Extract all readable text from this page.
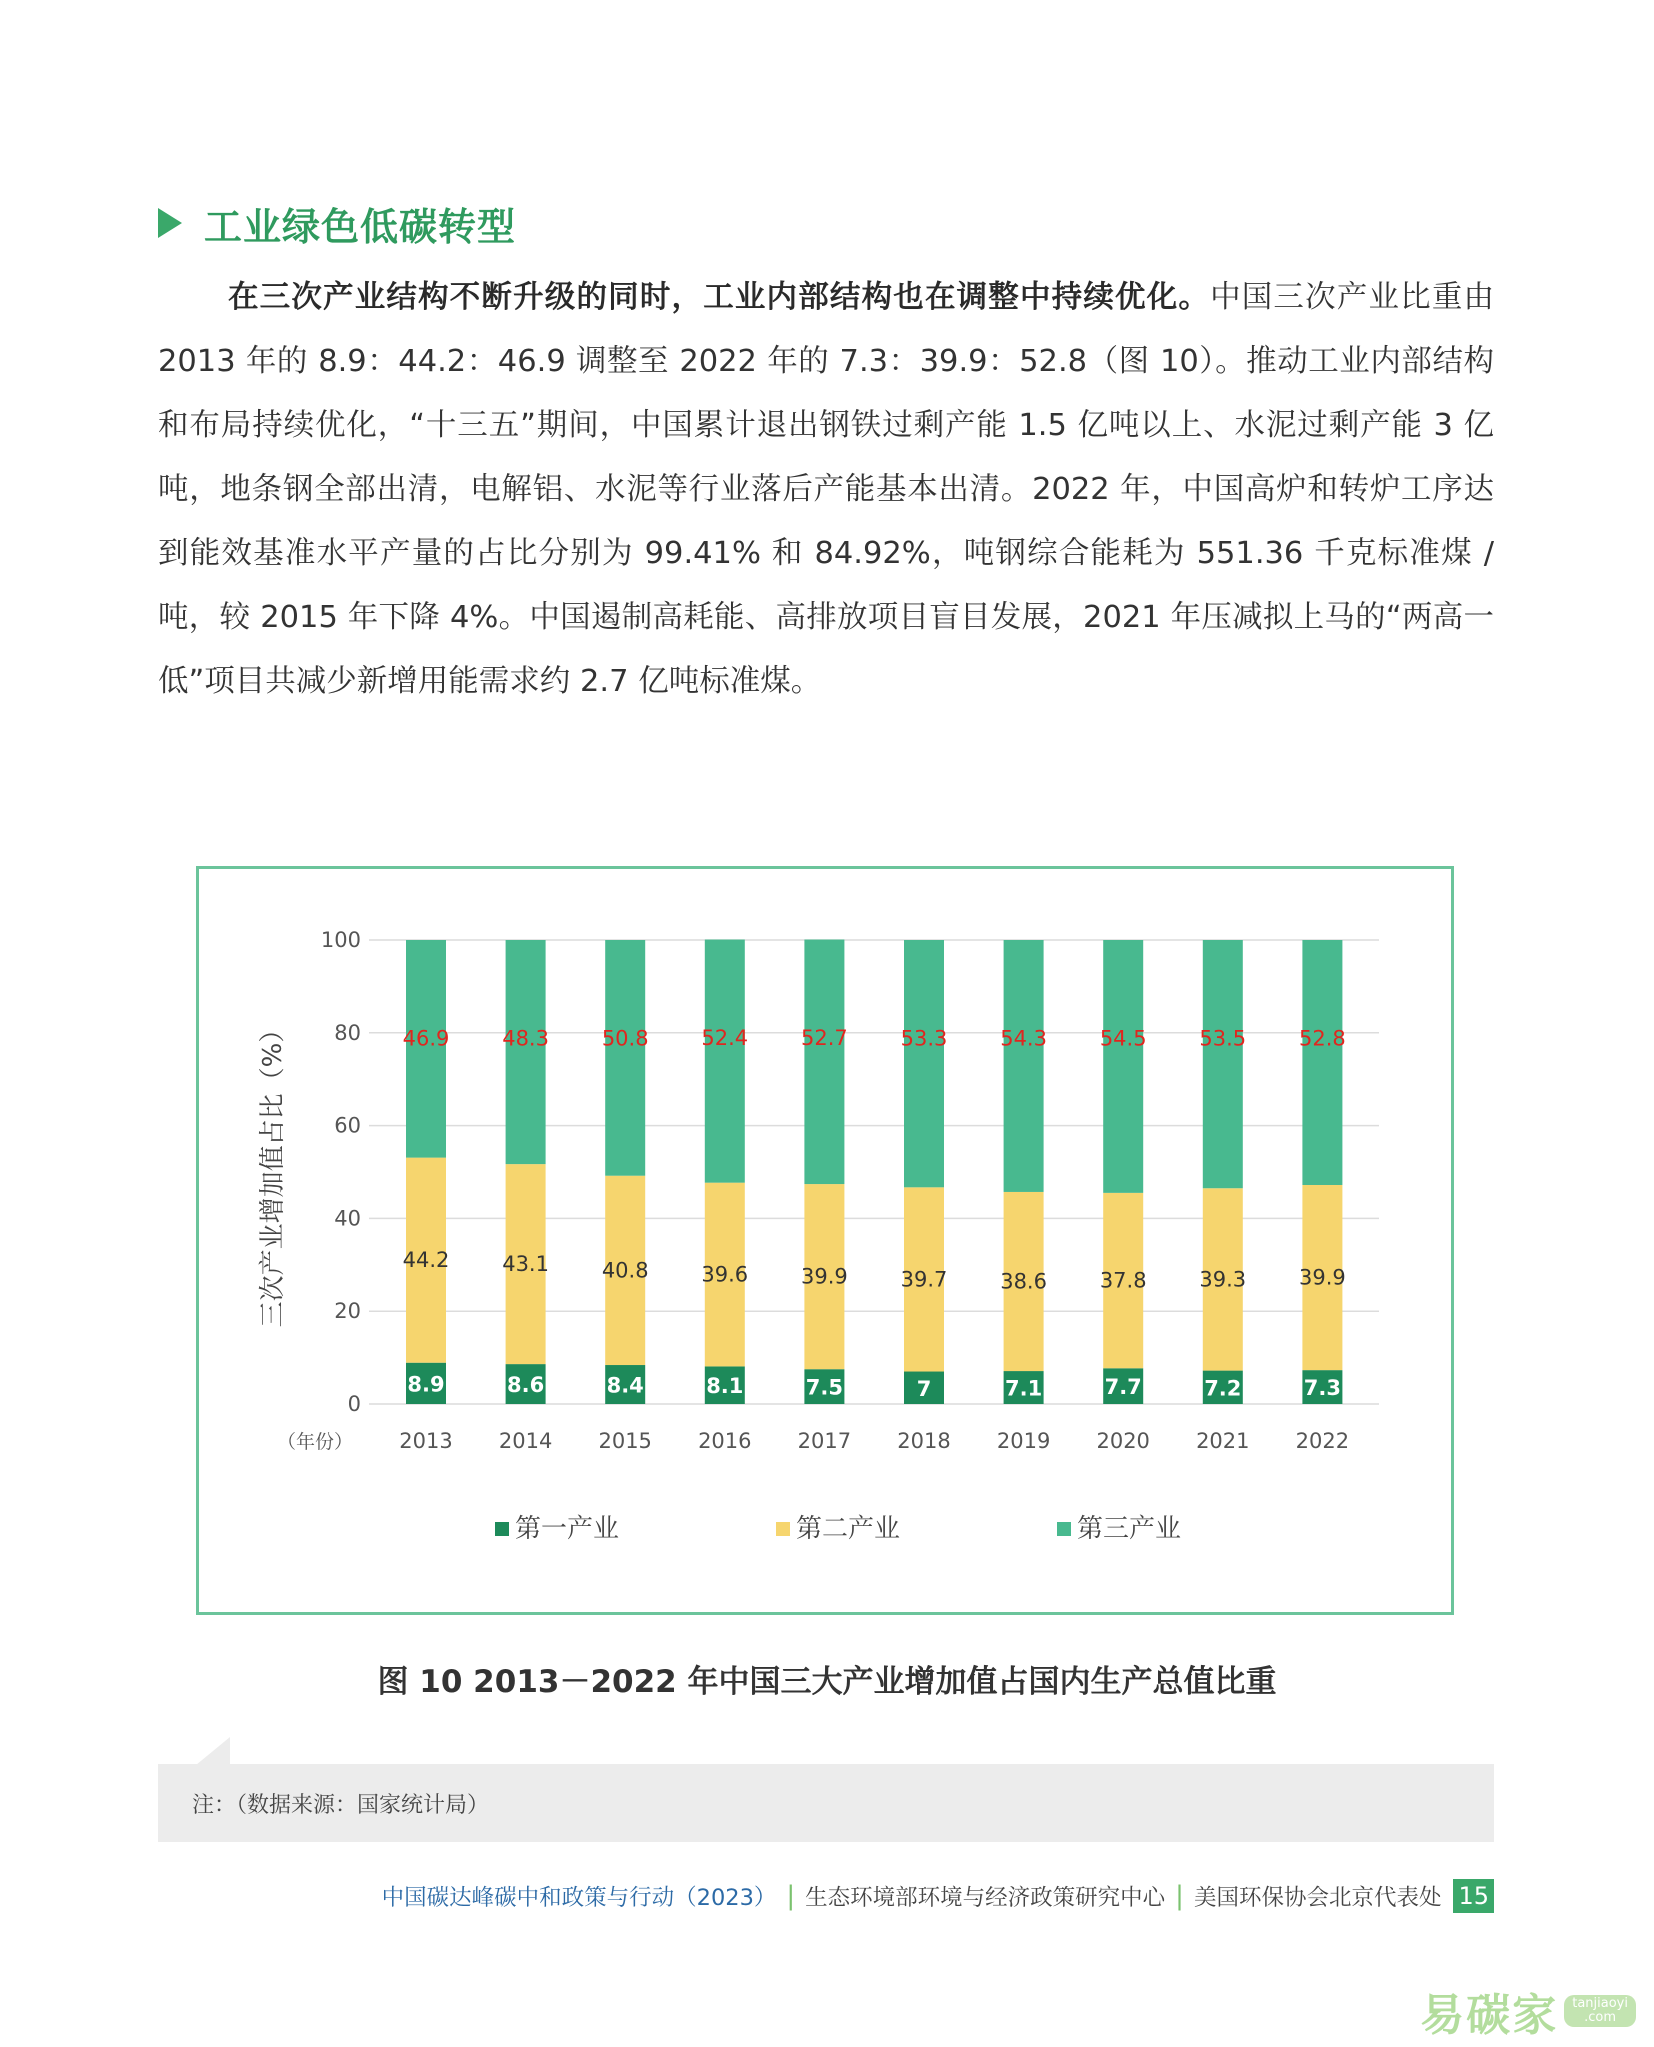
工业绿色低碳转型

在三次产业结构不断升级的同时，工业内部结构也在调整中持续优化。中国三次产业比重由 2013 年的 8.9：44.2：46.9 调整至 2022 年的 7.3：39.9：52.8（图 10）。推动工业内部结构和布局持续优化，“十三五”期间，中国累计退出钢铁过剩产能 1.5 亿吨以上、水泥过剩产能 3 亿吨，地条钢全部出清，电解铝、水泥等行业落后产能基本出清。2022 年，中国高炉和转炉工序达到能效基准水平产量的占比分别为 99.41% 和 84.92%，吨钢综合能耗为 551.36 千克标准煤 / 吨，较 2015 年下降 4%。中国遏制高耗能、高排放项目盲目发展，2021 年压减拟上马的“两高一低”项目共减少新增用能需求约 2.7 亿吨标准煤。

0
20
40
60
80
100
三次产业增加值占比（%）
8.9
44.2
46.9
2013
8.6
43.1
48.3
2014
8.4
40.8
50.8
2015
8.1
39.6
52.4
2016
7.5
39.9
52.7
2017
7
39.7
53.3
2018
7.1
38.6
54.3
2019
7.7
37.8
54.5
2020
7.2
39.3
53.5
2021
7.3
39.9
52.8
2022
（年份）
第一产业	第二产业	第三产业
图 10 2013－2022 年中国三大产业增加值占国内生产总值比重
注：（数据来源：国家统计局）
中国碳达峰碳中和政策与行动（2023） | 生态环境部环境与经济政策研究中心 | 美国环保协会北京代表处 15
易碳家	tanjiaoyi
.com
